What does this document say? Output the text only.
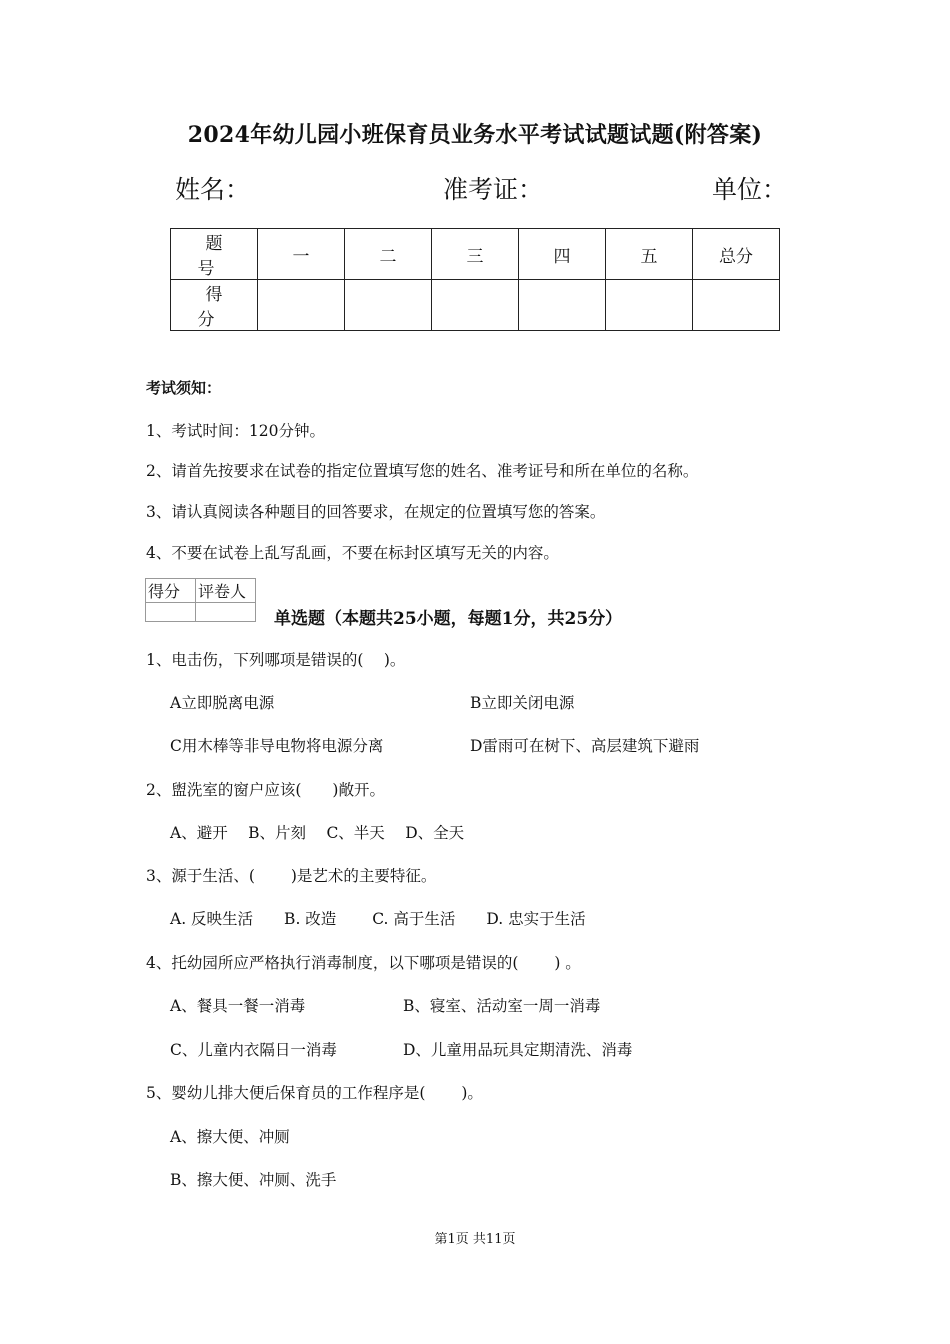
2024年幼儿园小班保育员业务水平考试试题试题(附答案)
姓名：	准考证：	单位：
题　号	一	二	三	四	五	总分
得　分						
考试须知：
1、考试时间：120分钟。
2、请首先按要求在试卷的指定位置填写您的姓名、准考证号和所在单位的名称。
3、请认真阅读各种题目的回答要求，在规定的位置填写您的答案。
4、不要在试卷上乱写乱画，不要在标封区填写无关的内容。
得分	评卷人

单选题（本题共25小题，每题1分，共25分）
1、电击伤，下列哪项是错误的(　 )。
A立即脱离电源	B立即关闭电源
C用木棒等非导电物将电源分离	D雷雨可在树下、高层建筑下避雨
2、盥洗室的窗户应该(　　)敞开。
A、避开　 B、片刻　 C、半天　 D、全天
3、源于生活、(　　 )是艺术的主要特征。
A. 反映生活　　B. 改造　　 C. 高于生活　　D. 忠实于生活
4、托幼园所应严格执行消毒制度，以下哪项是错误的(　　 ) 。
A、餐具一餐一消毒	B、寝室、活动室一周一消毒
C、儿童内衣隔日一消毒	D、儿童用品玩具定期清洗、消毒
5、婴幼儿排大便后保育员的工作程序是(　　 )。
A、擦大便、冲厕
B、擦大便、冲厕、洗手
第1页 共11页
